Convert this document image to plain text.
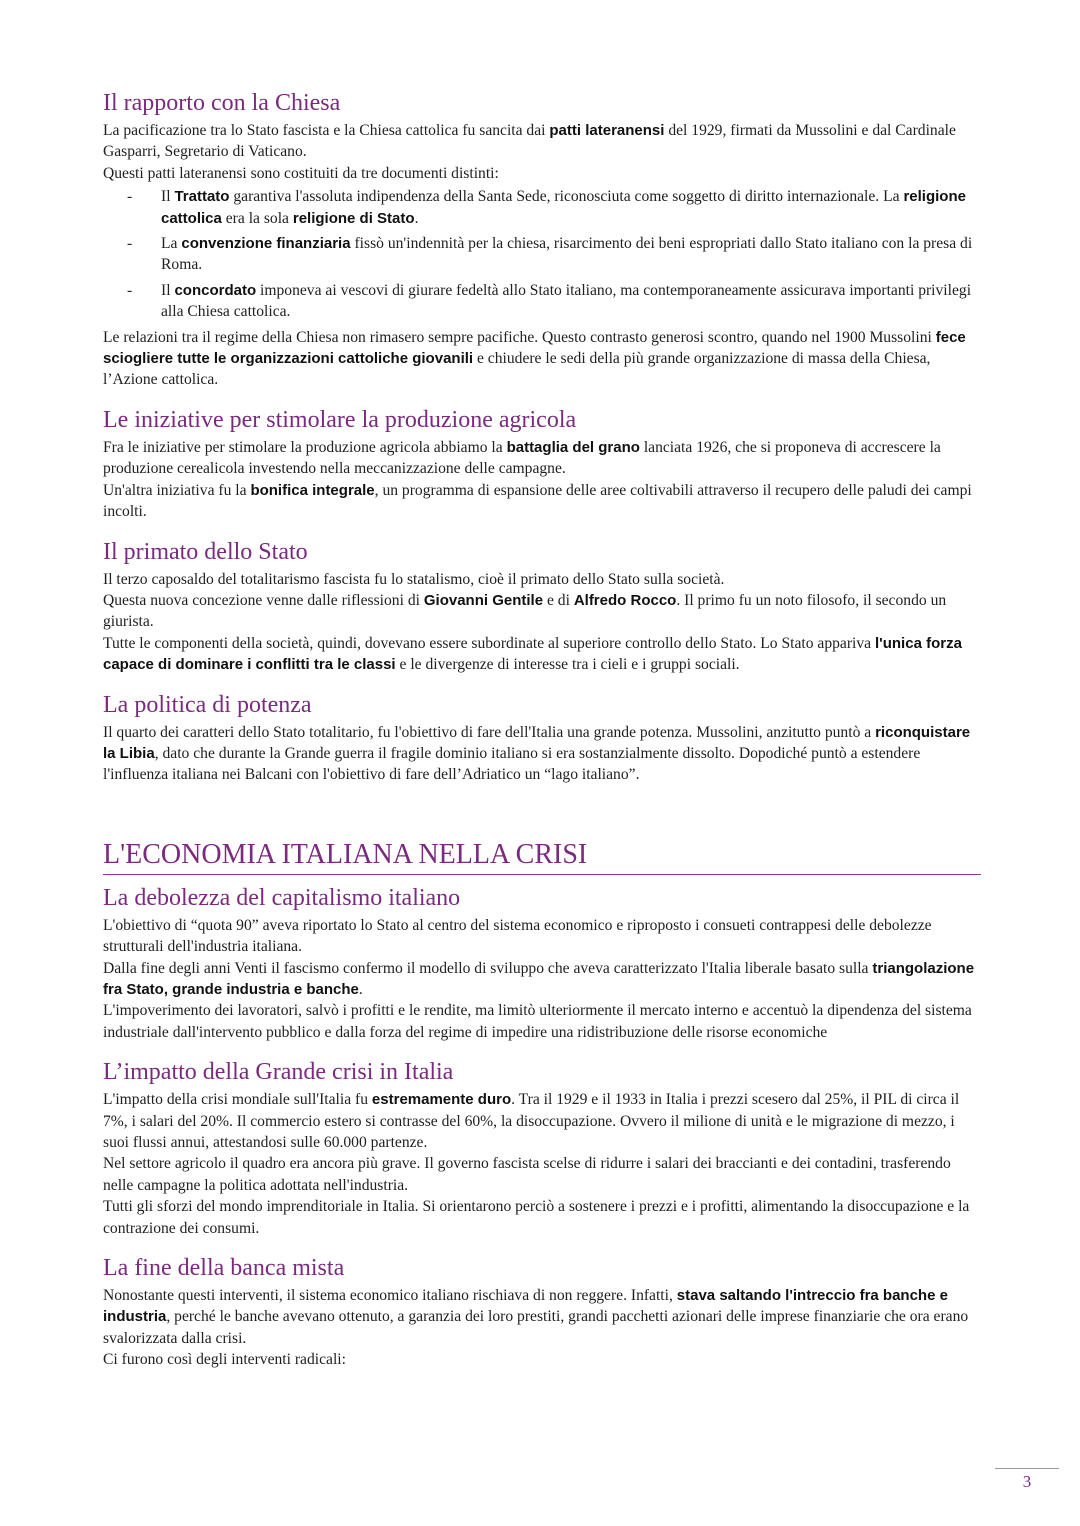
Il rapporto con la Chiesa

La pacificazione tra lo Stato fascista e la Chiesa cattolica fu sancita dai patti lateranensi del 1929, firmati da Mussolini e dal Cardinale Gasparri, Segretario di Vaticano.

Questi patti lateranensi sono costituiti da tre documenti distinti:

- Il Trattato garantiva l'assoluta indipendenza della Santa Sede, riconosciuta come soggetto di diritto internazionale. La religione cattolica era la sola religione di Stato.
- La convenzione finanziaria fissò un'indennità per la chiesa, risarcimento dei beni espropriati dallo Stato italiano con la presa di Roma.
- Il concordato imponeva ai vescovi di giurare fedeltà allo Stato italiano, ma contemporaneamente assicurava importanti privilegi alla Chiesa cattolica.

Le relazioni tra il regime della Chiesa non rimasero sempre pacifiche. Questo contrasto generosi scontro, quando nel 1900 Mussolini fece sciogliere tutte le organizzazioni cattoliche giovanili e chiudere le sedi della più grande organizzazione di massa della Chiesa, l’Azione cattolica.

Le iniziative per stimolare la produzione agricola

Fra le iniziative per stimolare la produzione agricola abbiamo la battaglia del grano lanciata 1926, che si proponeva di accrescere la produzione cerealicola investendo nella meccanizzazione delle campagne.

Un'altra iniziativa fu la bonifica integrale, un programma di espansione delle aree coltivabili attraverso il recupero delle paludi dei campi incolti.

Il primato dello Stato

Il terzo caposaldo del totalitarismo fascista fu lo statalismo, cioè il primato dello Stato sulla società.

Questa nuova concezione venne dalle riflessioni di Giovanni Gentile e di Alfredo Rocco. Il primo fu un noto filosofo, il secondo un giurista.

Tutte le componenti della società, quindi, dovevano essere subordinate al superiore controllo dello Stato. Lo Stato appariva l'unica forza capace di dominare i conflitti tra le classi e le divergenze di interesse tra i cieli e i gruppi sociali.

La politica di potenza

Il quarto dei caratteri dello Stato totalitario, fu l'obiettivo di fare dell'Italia una grande potenza. Mussolini, anzitutto puntò a riconquistare la Libia, dato che durante la Grande guerra il fragile dominio italiano si era sostanzialmente dissolto. Dopodiché puntò a estendere l'influenza italiana nei Balcani con l'obiettivo di fare dell’Adriatico un “lago italiano”.

L'ECONOMIA ITALIANA NELLA CRISI
La debolezza del capitalismo italiano

L'obiettivo di “quota 90” aveva riportato lo Stato al centro del sistema economico e riproposto i consueti contrappesi delle debolezze strutturali dell'industria italiana.

Dalla fine degli anni Venti il fascismo confermo il modello di sviluppo che aveva caratterizzato l'Italia liberale basato sulla triangolazione fra Stato, grande industria e banche.

L'impoverimento dei lavoratori, salvò i profitti e le rendite, ma limitò ulteriormente il mercato interno e accentuò la dipendenza del sistema industriale dall'intervento pubblico e dalla forza del regime di impedire una ridistribuzione delle risorse economiche

L’impatto della Grande crisi in Italia

L'impatto della crisi mondiale sull'Italia fu estremamente duro. Tra il 1929 e il 1933 in Italia i prezzi scesero dal 25%, il PIL di circa il 7%, i salari del 20%. Il commercio estero si contrasse del 60%, la disoccupazione. Ovvero il milione di unità e le migrazione di mezzo, i suoi flussi annui, attestandosi sulle 60.000 partenze.

Nel settore agricolo il quadro era ancora più grave. Il governo fascista scelse di ridurre i salari dei braccianti e dei contadini, trasferendo nelle campagne la politica adottata nell'industria.

Tutti gli sforzi del mondo imprenditoriale in Italia. Si orientarono perciò a sostenere i prezzi e i profitti, alimentando la disoccupazione e la contrazione dei consumi.

La fine della banca mista

Nonostante questi interventi, il sistema economico italiano rischiava di non reggere. Infatti, stava saltando l'intreccio fra banche e industria, perché le banche avevano ottenuto, a garanzia dei loro prestiti, grandi pacchetti azionari delle imprese finanziarie che ora erano svalorizzata dalla crisi.

Ci furono così degli interventi radicali:

3
